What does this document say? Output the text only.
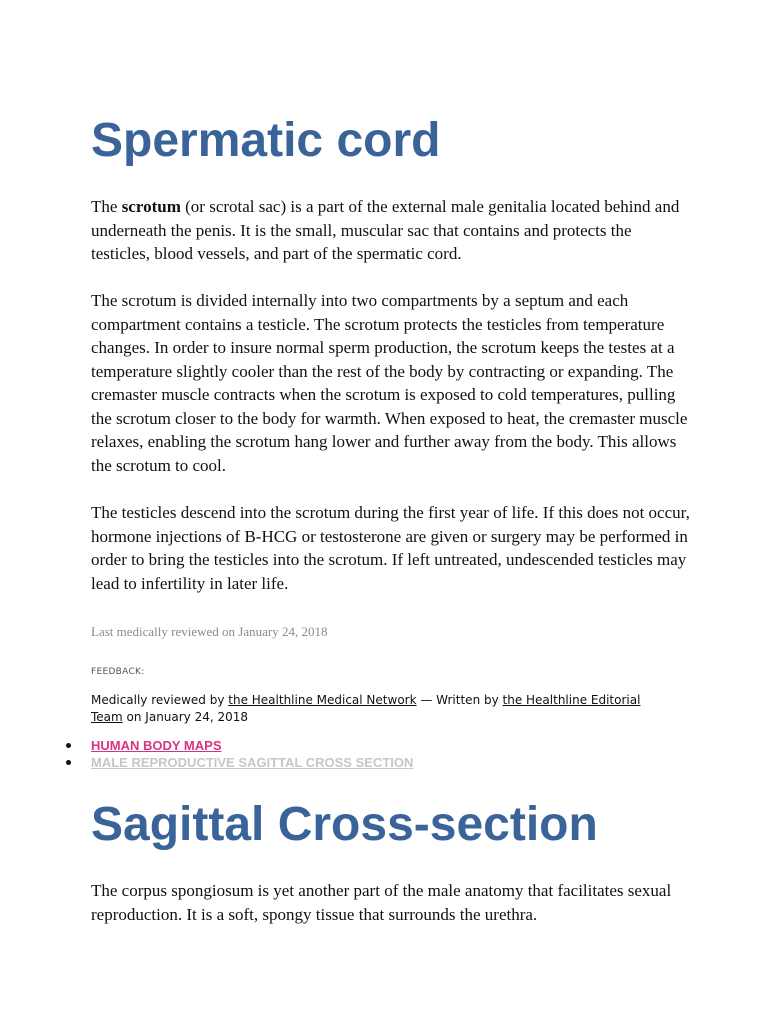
Spermatic cord

The scrotum (or scrotal sac) is a part of the external male genitalia located behind and underneath the penis. It is the small, muscular sac that contains and protects the testicles, blood vessels, and part of the spermatic cord.

The scrotum is divided internally into two compartments by a septum and each compartment contains a testicle. The scrotum protects the testicles from temperature changes. In order to insure normal sperm production, the scrotum keeps the testes at a temperature slightly cooler than the rest of the body by contracting or expanding. The cremaster muscle contracts when the scrotum is exposed to cold temperatures, pulling the scrotum closer to the body for warmth. When exposed to heat, the cremaster muscle relaxes, enabling the scrotum hang lower and further away from the body. This allows the scrotum to cool.

The testicles descend into the scrotum during the first year of life. If this does not occur, hormone injections of B-HCG or testosterone are given or surgery may be performed in order to bring the testicles into the scrotum. If left untreated, undescended testicles may lead to infertility in later life.

Last medically reviewed on January 24, 2018

FEEDBACK:

Medically reviewed by the Healthline Medical Network — Written by the Healthline Editorial Team on January 24, 2018

HUMAN BODY MAPS
MALE REPRODUCTIVE SAGITTAL CROSS SECTION
Sagittal Cross-section

The corpus spongiosum is yet another part of the male anatomy that facilitates sexual reproduction. It is a soft, spongy tissue that surrounds the urethra.
